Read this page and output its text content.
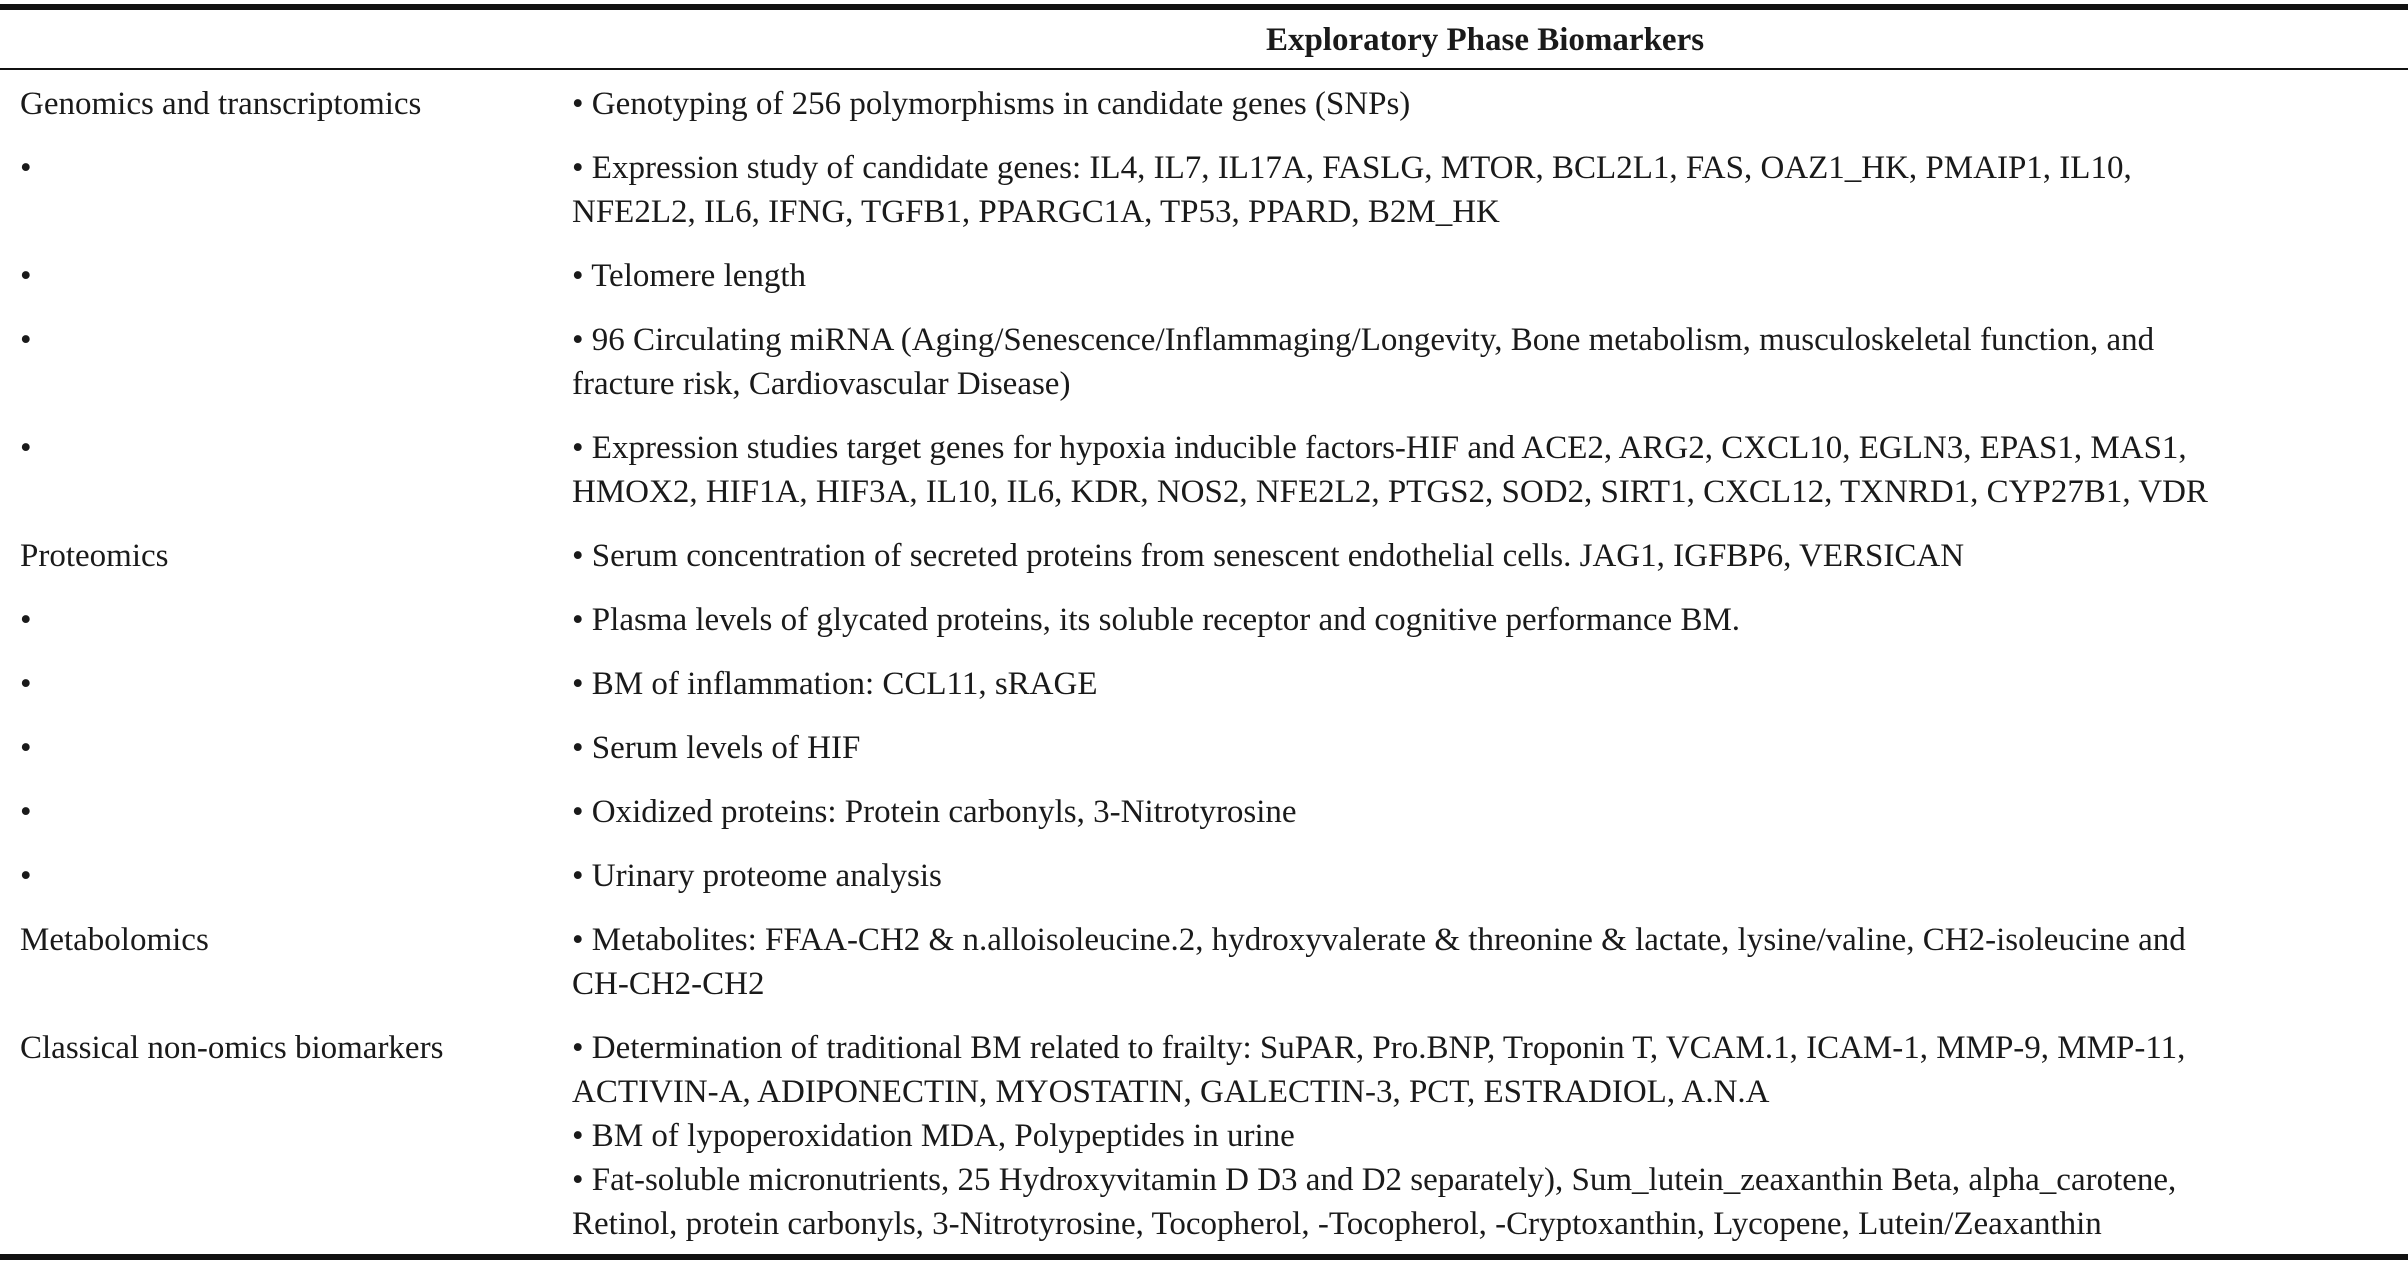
Exploratory Phase Biomarkers
Genomics and transcriptomics	• Genotyping of 256 polymorphisms in candidate genes (SNPs)
•	• Expression study of candidate genes: IL4, IL7, IL17A, FASLG, MTOR, BCL2L1, FAS, OAZ1_HK, PMAIP1, IL10,
NFE2L2, IL6, IFNG, TGFB1, PPARGC1A, TP53, PPARD, B2M_HK
•	• Telomere length
•	• 96 Circulating miRNA (Aging/Senescence/Inflammaging/Longevity, Bone metabolism, musculoskeletal function, and
fracture risk, Cardiovascular Disease)
•	• Expression studies target genes for hypoxia inducible factors-HIF and ACE2, ARG2, CXCL10, EGLN3, EPAS1, MAS1,
HMOX2, HIF1A, HIF3A, IL10, IL6, KDR, NOS2, NFE2L2, PTGS2, SOD2, SIRT1, CXCL12, TXNRD1, CYP27B1, VDR
Proteomics	• Serum concentration of secreted proteins from senescent endothelial cells. JAG1, IGFBP6, VERSICAN
•	• Plasma levels of glycated proteins, its soluble receptor and cognitive performance BM.
•	• BM of inflammation: CCL11, sRAGE
•	• Serum levels of HIF
•	• Oxidized proteins: Protein carbonyls, 3-Nitrotyrosine
•	• Urinary proteome analysis
Metabolomics	• Metabolites: FFAA-CH2 & n.alloisoleucine.2, hydroxyvalerate & threonine & lactate, lysine/valine, CH2-isoleucine and
CH-CH2-CH2
Classical non-omics biomarkers	• Determination of traditional BM related to frailty: SuPAR, Pro.BNP, Troponin T, VCAM.1, ICAM-1, MMP-9, MMP-11,
ACTIVIN-A, ADIPONECTIN, MYOSTATIN, GALECTIN-3, PCT, ESTRADIOL, A.N.A
• BM of lypoperoxidation MDA, Polypeptides in urine
• Fat-soluble micronutrients, 25 Hydroxyvitamin D D3 and D2 separately), Sum_lutein_zeaxanthin Beta, alpha_carotene,
Retinol, protein carbonyls, 3-Nitrotyrosine, Tocopherol, -Tocopherol, -Cryptoxanthin, Lycopene, Lutein/Zeaxanthin
